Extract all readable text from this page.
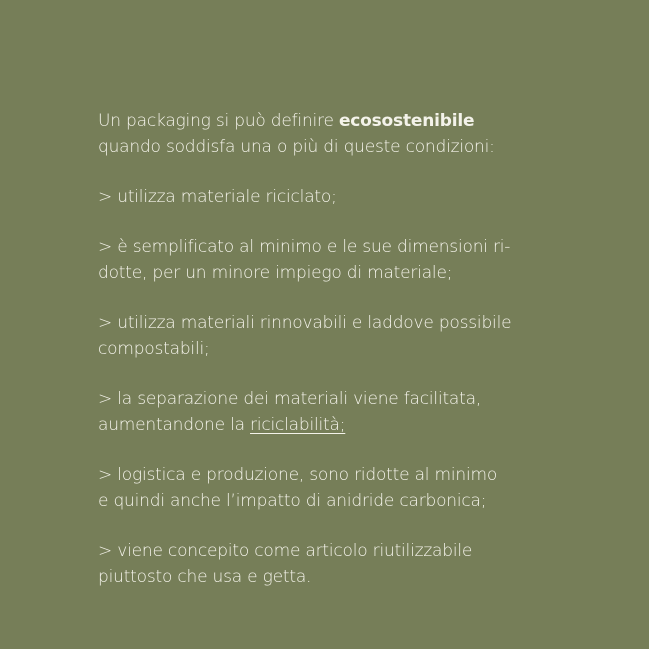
Un packaging si può definire ecosostenibile
quando soddisfa una o più di queste condizioni:

> utilizza materiale riciclato;

> è semplificato al minimo e le sue dimensioni ri-
dotte, per un minore impiego di materiale;

> utilizza materiali rinnovabili e laddove possibile
compostabili;

> la separazione dei materiali viene facilitata,
aumentandone la riciclabilità;

> logistica e produzione, sono ridotte al minimo
e quindi anche l’impatto di anidride carbonica;

> viene concepito come articolo riutilizzabile
piuttosto che usa e getta.
